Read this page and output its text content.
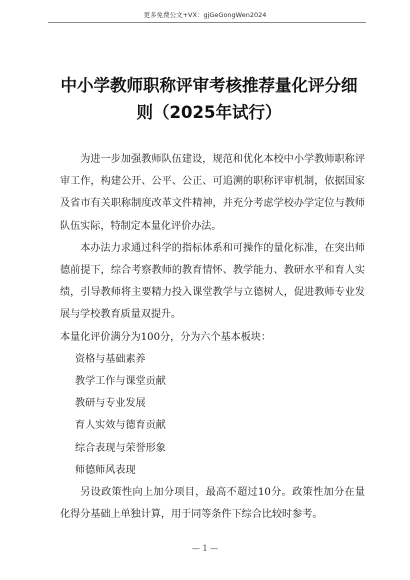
更多免费公文+VX：gjGeGongWen2024
中小学教师职称评审考核推荐量化评分细则（2025年试行）

为进一步加强教师队伍建设，规范和优化本校中小学教师职称评审工作，构建公开、公平、公正、可追溯的职称评审机制，依据国家及省市有关职称制度改革文件精神，并充分考虑学校办学定位与教师队伍实际，特制定本量化评价办法。

本办法力求通过科学的指标体系和可操作的量化标准，在突出师德前提下，综合考察教师的教育情怀、教学能力、教研水平和育人实绩，引导教师将主要精力投入课堂教学与立德树人，促进教师专业发展与学校教育质量双提升。

本量化评价满分为100分，分为六个基本板块：

资格与基础素养

教学工作与课堂贡献

教研与专业发展

育人实效与德育贡献

综合表现与荣誉形象

师德师风表现

另设政策性向上加分项目，最高不超过10分。政策性加分在量化得分基础上单独计算，用于同等条件下综合比较时参考。

— 1 —
